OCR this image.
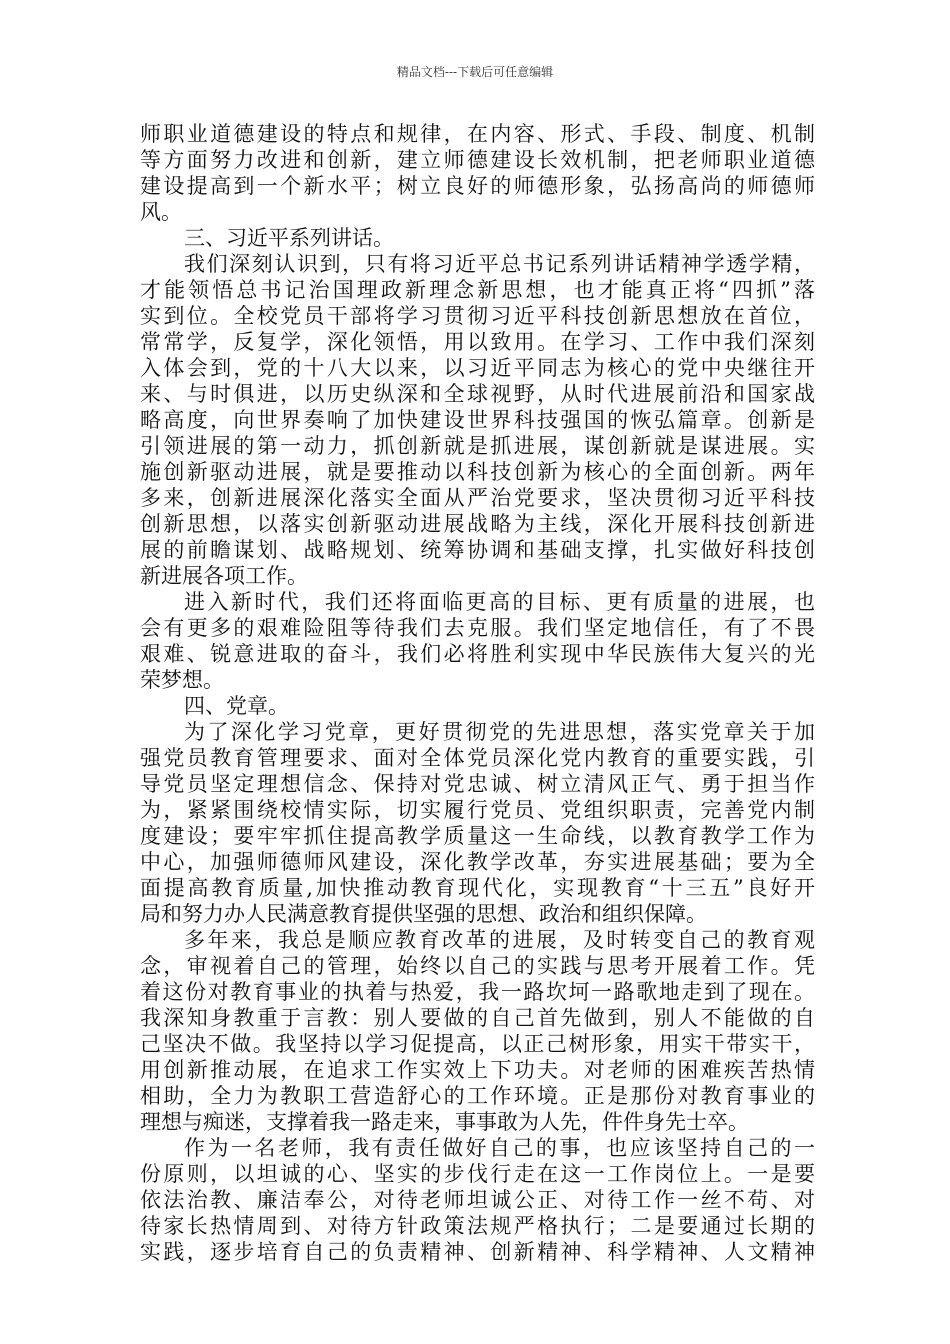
精品文档---下载后可任意编辑
师职业道德建设的特点和规律，在内容、形式、手段、制度、机制
等方面努力改进和创新，建立师德建设长效机制，把老师职业道德
建设提高到一个新水平；树立良好的师德形象，弘扬高尚的师德师
风。
三、习近平系列讲话。
我们深刻认识到，只有将习近平总书记系列讲话精神学透学精，
才能领悟总书记治国理政新理念新思想，也才能真正将“四抓”落
实到位。全校党员干部将学习贯彻习近平科技创新思想放在首位，
常常学，反复学，深化领悟，用以致用。在学习、工作中我们深刻
入体会到，党的十八大以来，以习近平同志为核心的党中央继往开
来、与时俱进，以历史纵深和全球视野，从时代进展前沿和国家战
略高度，向世界奏响了加快建设世界科技强国的恢弘篇章。创新是
引领进展的第一动力，抓创新就是抓进展，谋创新就是谋进展。实
施创新驱动进展，就是要推动以科技创新为核心的全面创新。两年
多来，创新进展深化落实全面从严治党要求，坚决贯彻习近平科技
创新思想，以落实创新驱动进展战略为主线，深化开展科技创新进
展的前瞻谋划、战略规划、统筹协调和基础支撑，扎实做好科技创
新进展各项工作。
进入新时代，我们还将面临更高的目标、更有质量的进展，也
会有更多的艰难险阻等待我们去克服。我们坚定地信任，有了不畏
艰难、锐意进取的奋斗，我们必将胜利实现中华民族伟大复兴的光
荣梦想。
四、党章。
为了深化学习党章，更好贯彻党的先进思想，落实党章关于加
强党员教育管理要求、面对全体党员深化党内教育的重要实践，引
导党员坚定理想信念、保持对党忠诚、树立清风正气、勇于担当作
为，紧紧围绕校情实际，切实履行党员、党组织职责，完善党内制
度建设；要牢牢抓住提高教学质量这一生命线，以教育教学工作为
中心，加强师德师风建设，深化教学改革，夯实进展基础；要为全
面提高教育质量,加快推动教育现代化，实现教育“十三五”良好开
局和努力办人民满意教育提供坚强的思想、政治和组织保障。
多年来，我总是顺应教育改革的进展，及时转变自己的教育观
念，审视着自己的管理，始终以自己的实践与思考开展着工作。凭
着这份对教育事业的执着与热爱，我一路坎坷一路歌地走到了现在。
我深知身教重于言教：别人要做的自己首先做到，别人不能做的自
己坚决不做。我坚持以学习促提高，以正己树形象，用实干带实干，
用创新推动展，在追求工作实效上下功夫。对老师的困难疾苦热情
相助，全力为教职工营造舒心的工作环境。正是那份对教育事业的
理想与痴迷，支撑着我一路走来，事事敢为人先，件件身先士卒。
作为一名老师，我有责任做好自己的事，也应该坚持自己的一
份原则，以坦诚的心、坚实的步伐行走在这一工作岗位上。一是要
依法治教、廉洁奉公，对待老师坦诚公正、对待工作一丝不苟、对
待家长热情周到、对待方针政策法规严格执行；二是要通过长期的
实践，逐步培育自己的负责精神、创新精神、科学精神、人文精神
